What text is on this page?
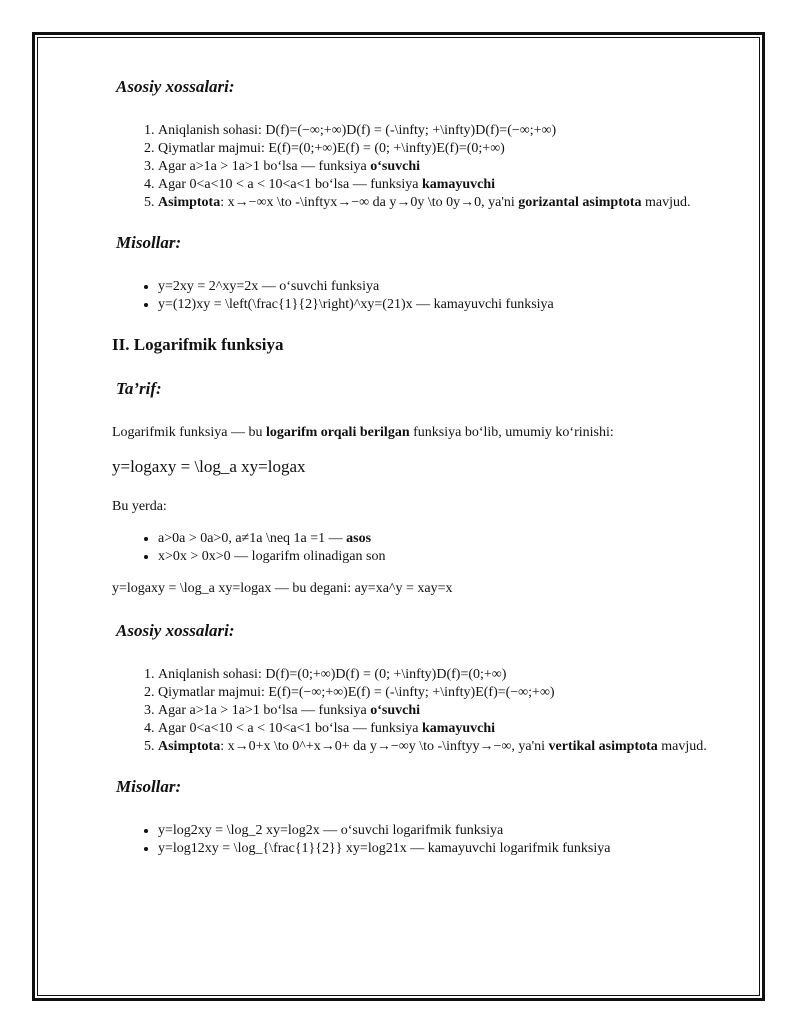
Asosiy xossalari:
1. Aniqlanish sohasi: D(f)=(−∞;+∞)D(f) = (-\infty; +\infty)D(f)=(−∞;+∞)
2. Qiymatlar majmui: E(f)=(0;+∞)E(f) = (0; +\infty)E(f)=(0;+∞)
3. Agar a>1a > 1a>1 bo‘lsa — funksiya o‘suvchi
4. Agar 0<a<10 < a < 10<a<1 bo‘lsa — funksiya kamayuvchi
5. Asimptota: x→−∞x \to -\inftyx→−∞ da y→0y \to 0y→0, ya'ni gorizantal asimptota mavjud.
Misollar:
• y=2xy = 2^xy=2x — o‘suvchi funksiya
• y=(12)xy = \left(\frac{1}{2}\right)^xy=(21)x — kamayuvchi funksiya
II. Logarifmik funksiya
Ta’rif:

Logarifmik funksiya — bu logarifm orqali berilgan funksiya bo‘lib, umumiy ko‘rinishi:

y=logaxy = \log_a xy=logax

Bu yerda:

• a>0a > 0a>0, a≠1a \neq 1a =1 — asos
• x>0x > 0x>0 — logarifm olinadigan son

y=logaxy = \log_a xy=logax — bu degani: ay=xa^y = xay=x

Asosiy xossalari:
1. Aniqlanish sohasi: D(f)=(0;+∞)D(f) = (0; +\infty)D(f)=(0;+∞)
2. Qiymatlar majmui: E(f)=(−∞;+∞)E(f) = (-\infty; +\infty)E(f)=(−∞;+∞)
3. Agar a>1a > 1a>1 bo‘lsa — funksiya o‘suvchi
4. Agar 0<a<10 < a < 10<a<1 bo‘lsa — funksiya kamayuvchi
5. Asimptota: x→0+x \to 0^+x→0+ da y→−∞y \to -\inftyy→−∞, ya'ni vertikal asimptota mavjud.
Misollar:
• y=log2xy = \log_2 xy=log2x — o‘suvchi logarifmik funksiya
• y=log12xy = \log_{\frac{1}{2}} xy=log21x — kamayuvchi logarifmik funksiya
